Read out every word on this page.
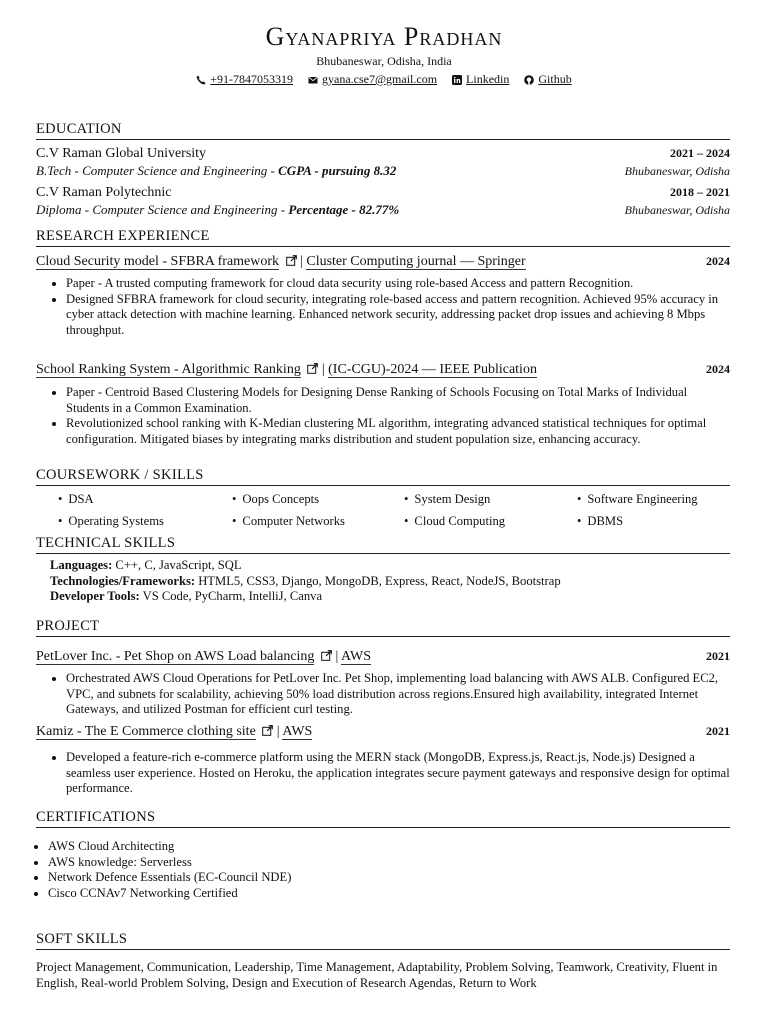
Gyanapriya Pradhan
Bhubaneswar, Odisha, India
+91-7847053319
gyana.cse7@gmail.com
Linkedin
Github
EDUCATION
C.V Raman Global University	2021 – 2024
B.Tech - Computer Science and Engineering - CGPA - pursuing 8.32	Bhubaneswar, Odisha
C.V Raman Polytechnic	2018 – 2021
Diploma - Computer Science and Engineering - Percentage - 82.77%	Bhubaneswar, Odisha
RESEARCH EXPERIENCE
Cloud Security model - SFBRA framework | Cluster Computing journal — Springer	2024
• Paper - A trusted computing framework for cloud data security using role-based Access and pattern Recognition.
• Designed SFBRA framework for cloud security, integrating role-based access and pattern recognition. Achieved 95% accuracy in cyber attack detection with machine learning. Enhanced network security, addressing packet drop issues and achieving 8 Mbps throughput.
School Ranking System - Algorithmic Ranking | (IC-CGU)-2024 — IEEE Publication	2024
• Paper - Centroid Based Clustering Models for Designing Dense Ranking of Schools Focusing on Total Marks of Individual Students in a Common Examination.
• Revolutionized school ranking with K-Median clustering ML algorithm, integrating advanced statistical techniques for optimal configuration. Mitigated biases by integrating marks distribution and student population size, enhancing accuracy.
COURSEWORK / SKILLS
• DSA	• Oops Concepts	• System Design	• Software Engineering
• Operating Systems	• Computer Networks	• Cloud Computing	• DBMS
TECHNICAL SKILLS
Languages: C++, C, JavaScript, SQL
Technologies/Frameworks: HTML5, CSS3, Django, MongoDB, Express, React, NodeJS, Bootstrap
Developer Tools: VS Code, PyCharm, IntelliJ, Canva
PROJECT
PetLover Inc. - Pet Shop on AWS Load balancing | AWS	2021
• Orchestrated AWS Cloud Operations for PetLover Inc. Pet Shop, implementing load balancing with AWS ALB. Configured EC2, VPC, and subnets for scalability, achieving 50% load distribution across regions.Ensured high availability, integrated Internet Gateways, and utilized Postman for efficient curl testing.
Kamiz - The E Commerce clothing site | AWS	2021
• Developed a feature-rich e-commerce platform using the MERN stack (MongoDB, Express.js, React.js, Node.js) Designed a seamless user experience. Hosted on Heroku, the application integrates secure payment gateways and responsive design for optimal performance.
CERTIFICATIONS
• AWS Cloud Architecting
• AWS knowledge: Serverless
• Network Defence Essentials (EC-Council NDE)
• Cisco CCNAv7 Networking Certified
SOFT SKILLS
Project Management, Communication, Leadership, Time Management, Adaptability, Problem Solving, Teamwork, Creativity, Fluent in English, Real-world Problem Solving, Design and Execution of Research Agendas, Return to Work
